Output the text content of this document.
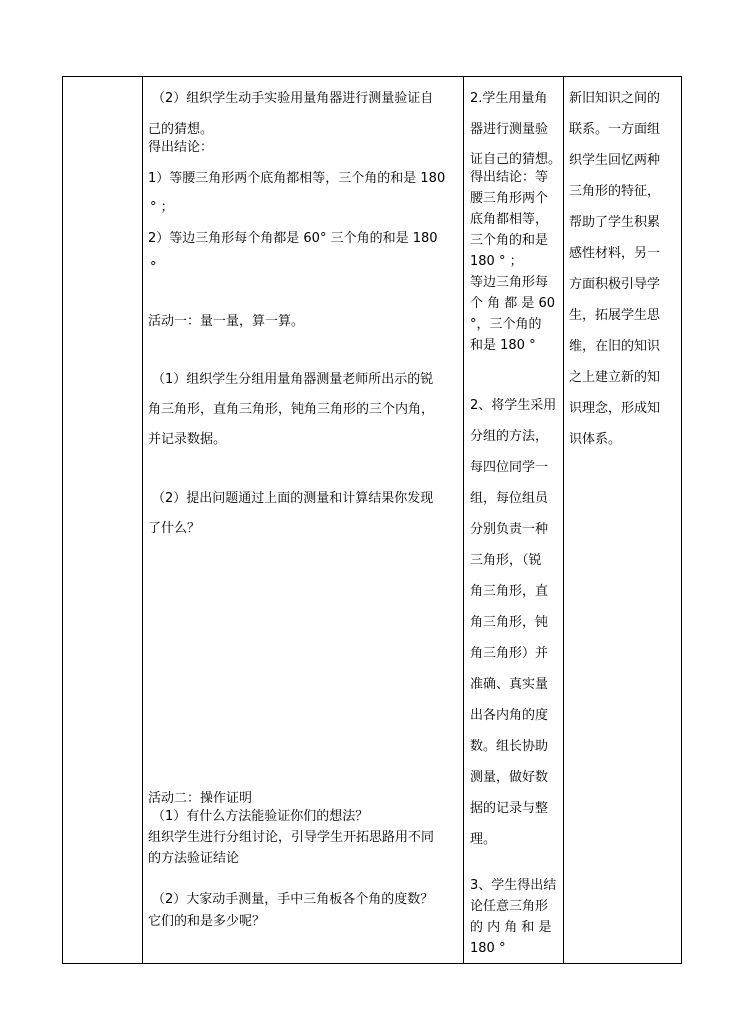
（2）组织学生动手实验用量角器进行测量验证自
己的猜想。
得出结论：
1）等腰三角形两个底角都相等，三个角的和是 180
° ；
2）等边三角形每个角都是 60° 三个角的和是 180
°
活动一：量一量，算一算。
（1）组织学生分组用量角器测量老师所出示的锐
角三角形，直角三角形，钝角三角形的三个内角，
并记录数据。
（2）提出问题通过上面的测量和计算结果你发现
了什么？
活动二：操作证明
（1）有什么方法能验证你们的想法？
组织学生进行分组讨论，引导学生开拓思路用不同
的方法验证结论
（2）大家动手测量，手中三角板各个角的度数？
它们的和是多少呢？
2.学生用量角
器进行测量验
证自己的猜想。
得出结论：等
腰三角形两个
底角都相等，
三个角的和是
180 ° ；
等边三角形每
个 角 都 是 60
°，三个角的
和是 180 °
2、将学生采用
分组的方法，
每四位同学一
组，每位组员
分别负责一种
三角形，（锐
角三角形，直
角三角形，钝
角三角形）并
准确、真实量
出各内角的度
数。组长协助
测量，做好数
据的记录与整
理。
3、学生得出结
论任意三角形
的 内 角 和 是
180 °
新旧知识之间的
联系。一方面组
织学生回忆两种
三角形的特征，
帮助了学生积累
感性材料，另一
方面积极引导学
生，拓展学生思
维，在旧的知识
之上建立新的知
识理念，形成知
识体系。
